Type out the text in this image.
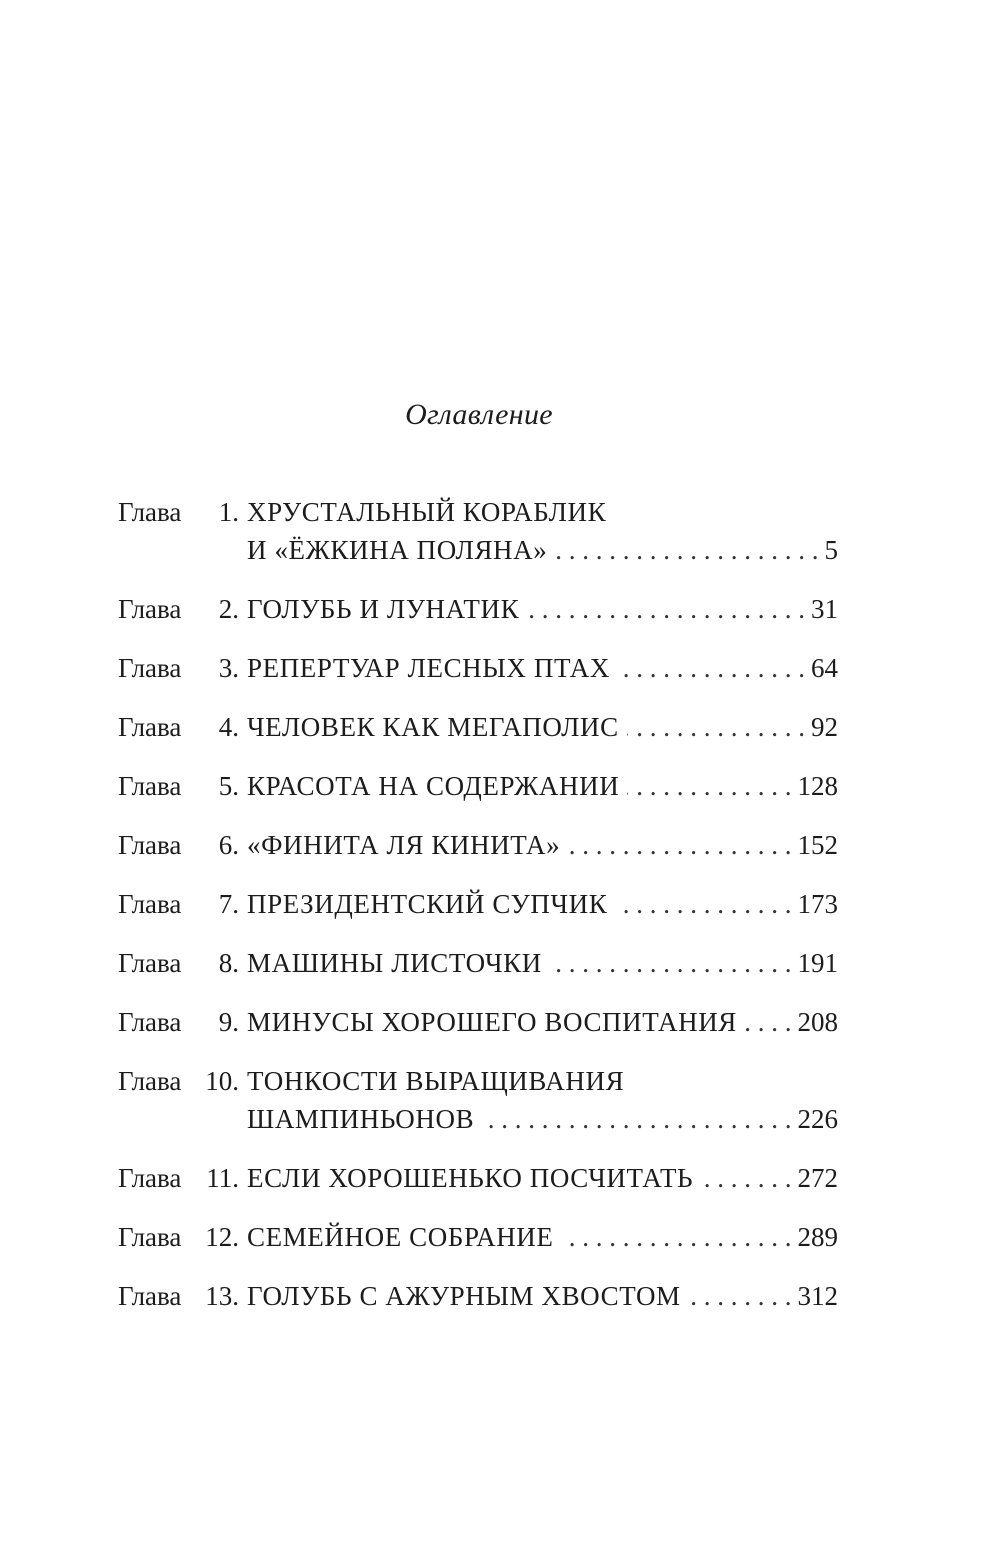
Оглавление
Глава	1. ХРУСТАЛЬНЫЙ КОРАБЛИК
И «ЁЖКИНА ПОЛЯНА» . . .	5
Глава	2. ГОЛУБЬ И ЛУНАТИК . . .	31
Глава	3. РЕПЕРТУАР ЛЕСНЫХ ПТАХ . . .	64
Глава	4. ЧЕЛОВЕК КАК МЕГАПОЛИС . . .	92
Глава	5. КРАСОТА НА СОДЕРЖАНИИ . . .	128
Глава	6. «ФИНИТА ЛЯ КИНИТА» . . .	152
Глава	7. ПРЕЗИДЕНТСКИЙ СУПЧИК . . .	173
Глава	8. МАШИНЫ ЛИСТОЧКИ . . .	191
Глава	9. МИНУСЫ ХОРОШЕГО ВОСПИТАНИЯ . . . 208
Глава 10. ТОНКОСТИ ВЫРАЩИВАНИЯ
ШАМПИНЬОНОВ . . .	226
Глава 11. ЕСЛИ ХОРОШЕНЬКО ПОСЧИТАТЬ . . .	272
Глава 12. СЕМЕЙНОЕ СОБРАНИЕ . . .	289
Глава 13. ГОЛУБЬ С АЖУРНЫМ ХВОСТОМ . . .	312
